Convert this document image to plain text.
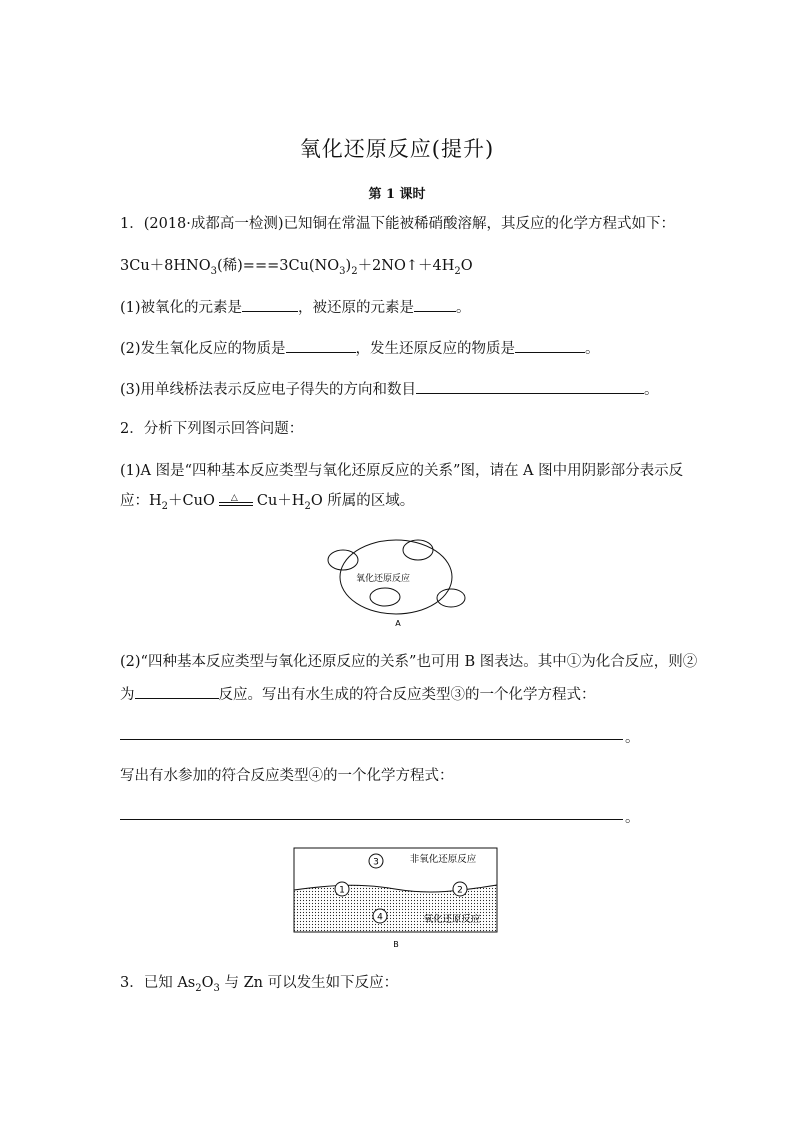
氧化还原反应(提升)
第 1 课时
1．(2018·成都高一检测)已知铜在常温下能被稀硝酸溶解，其反应的化学方程式如下：
$3Cu+8HNO_3$(稀)$===3Cu(NO_3)_2+2NO↑+4H_2O$
(1)被氧化的元素是	，被还原的元素是	。
(2)发生氧化反应的物质是	，发生还原反应的物质是	。
(3)用单线桥法表示反应电子得失的方向和数目	。
2．分析下列图示回答问题：
(1)A 图是“四种基本反应类型与氧化还原反应的关系”图，请在 A 图中用阴影部分表示反
应：$H_2+CuO$ △ $Cu+H_2O$ 所属的区域。
氧化还原反应
A
(2)“四种基本反应类型与氧化还原反应的关系”也可用 B 图表达。其中①为化合反应，则②
为	反应。写出有水生成的符合反应类型③的一个化学方程式：
。
写出有水参加的符合反应类型④的一个化学方程式：
。
3
1	2
4
非氧化还原反应
氧化还原反应
B
3．已知 $As_2O_3$ 与 Zn 可以发生如下反应：
